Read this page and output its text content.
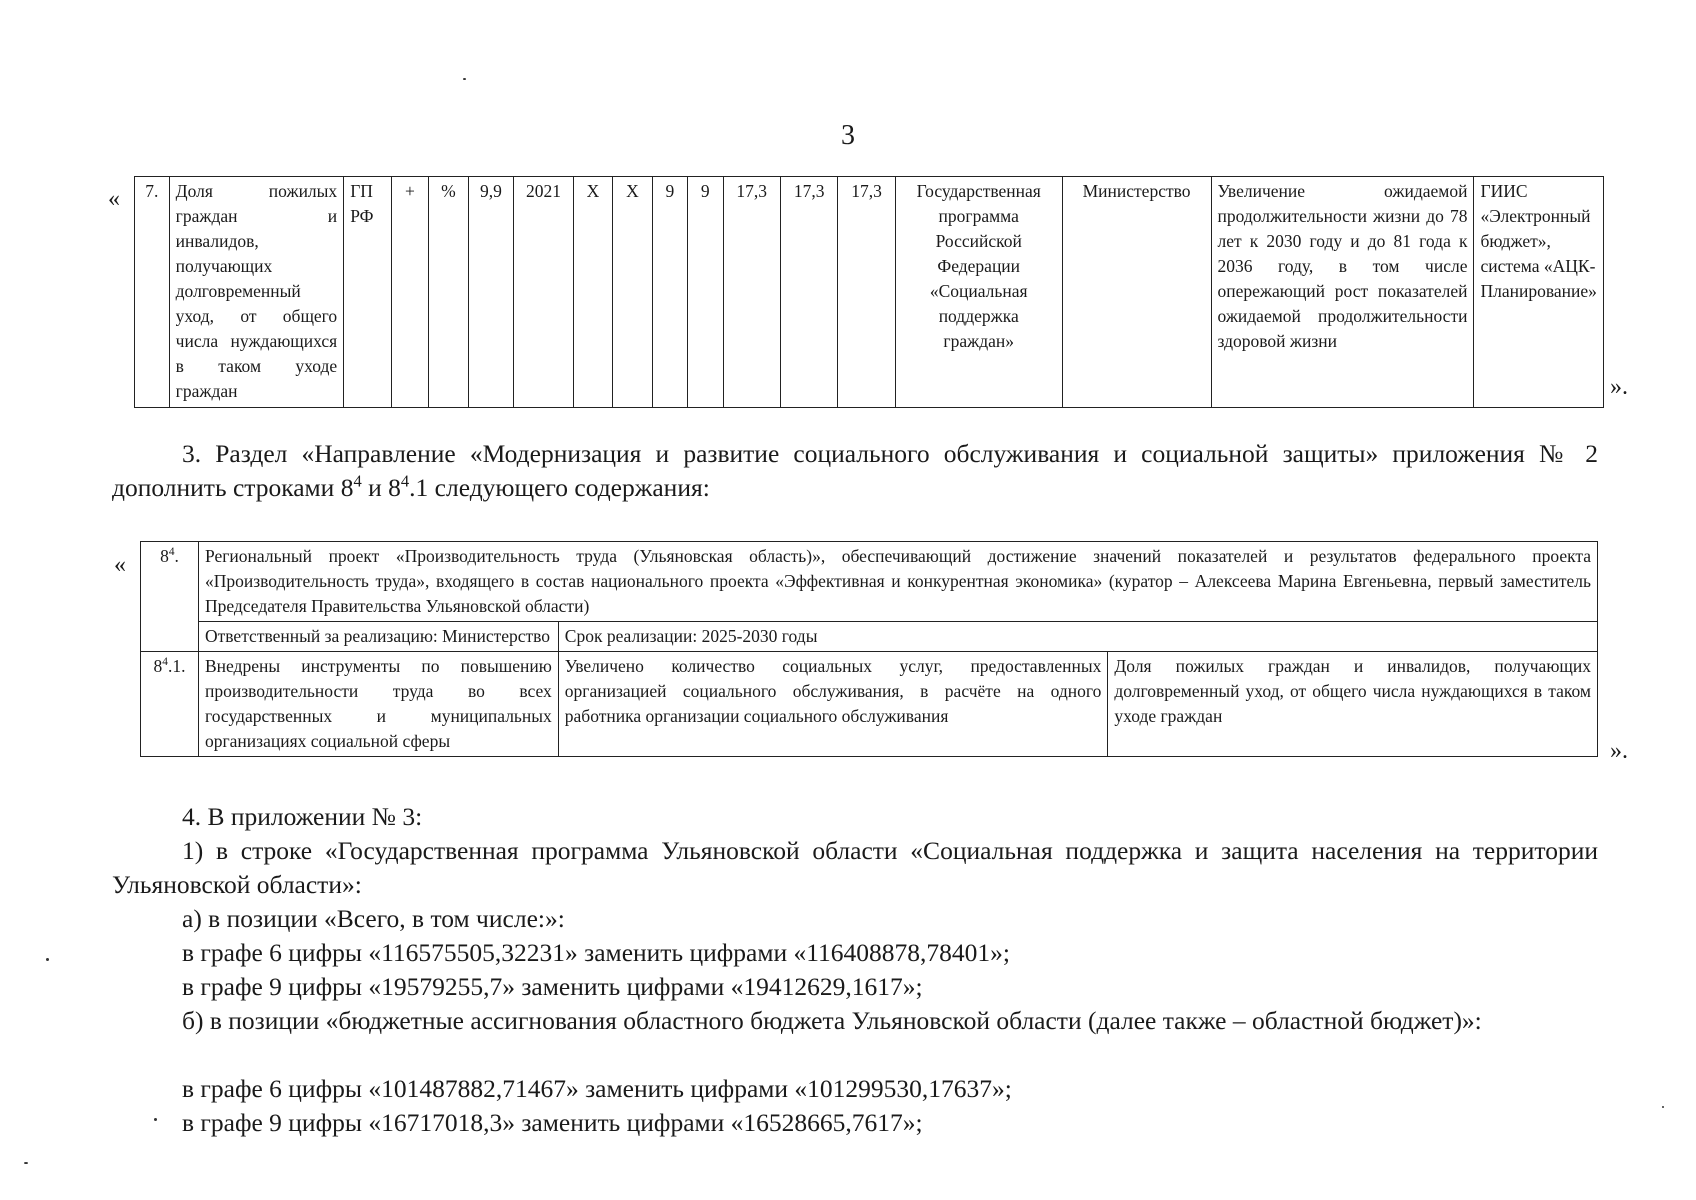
3
« 7.	Доля пожилых граждан и инвалидов, получающих долговременный уход, от общего числа нуждающихся в таком уходе граждан	ГП РФ	+	%	9,9	2021	X	X	9	9	17,3	17,3	17,3	Государственная программа Российской Федерации «Социальная поддержка граждан»	Министерство	Увеличение ожидаемой продолжительности жизни до 78 лет к 2030 году и до 81 года к 2036 году, в том числе опережающий рост показателей ожидаемой продолжительности здоровой жизни	ГИИС «Электронный бюджет», система «АЦК-Планирование»
».
3. Раздел «Направление «Модернизация и развитие социального обслуживания и социальной защиты» приложения № 2 дополнить строками $8^4$ и $8^4.1$ следующего содержания:
« $8^4$.	Региональный проект «Производительность труда (Ульяновская область)», обеспечивающий достижение значений показателей и результатов федерального проекта «Производительность труда», входящего в состав национального проекта «Эффективная и конкурентная экономика» (куратор – Алексеева Марина Евгеньевна, первый заместитель Председателя Правительства Ульяновской области)		
	Ответственный за реализацию: Министерство	Срок реализации: 2025-2030 годы	
$8^4.1$.	Внедрены инструменты по повышению производительности труда во всех государственных и муниципальных организациях социальной сферы	Увеличено количество социальных услуг, предоставленных организацией социального обслуживания, в расчёте на одного работника организации социального обслуживания	Доля пожилых граждан и инвалидов, получающих долговременный уход, от общего числа нуждающихся в таком уходе граждан
».
4. В приложении № 3:
1) в строке «Государственная программа Ульяновской области «Социальная поддержка и защита населения на территории Ульяновской области»:
а) в позиции «Всего, в том числе:»:
в графе 6 цифры «116575505,32231» заменить цифрами «116408878,78401»;
в графе 9 цифры «19579255,7» заменить цифрами «19412629,1617»;
б) в позиции «бюджетные ассигнования областного бюджета Ульяновской области (далее также – областной бюджет)»:
в графе 6 цифры «101487882,71467» заменить цифрами «101299530,17637»;
в графе 9 цифры «16717018,3» заменить цифрами «16528665,7617»;
